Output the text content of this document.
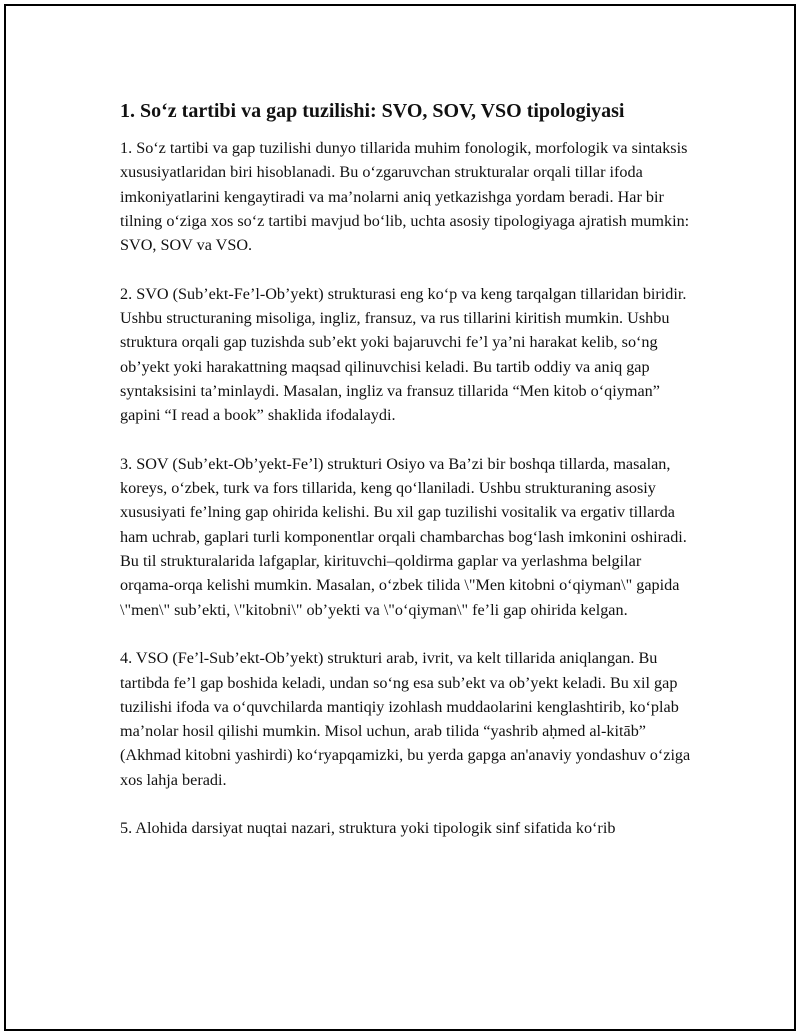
1. So‘z tartibi va gap tuzilishi: SVO, SOV, VSO tipologiyasi

1. So‘z tartibi va gap tuzilishi dunyo tillarida muhim fonologik, morfologik va sintaksis xususiyatlaridan biri hisoblanadi. Bu o‘zgaruvchan strukturalar orqali tillar ifoda imkoniyatlarini kengaytiradi va ma’nolarni aniq yetkazishga yordam beradi. Har bir tilning o‘ziga xos so‘z tartibi mavjud bo‘lib, uchta asosiy tipologiyaga ajratish mumkin: SVO, SOV va VSO.

2. SVO (Sub’ekt-Fe’l-Ob’yekt) strukturasi eng ko‘p va keng tarqalgan tillaridan biridir. Ushbu structuraning misoliga, ingliz, fransuz, va rus tillarini kiritish mumkin. Ushbu struktura orqali gap tuzishda sub’ekt yoki bajaruvchi fe’l ya’ni harakat kelib, so‘ng ob’yekt yoki harakattning maqsad qilinuvchisi keladi. Bu tartib oddiy va aniq gap syntaksisini ta’minlaydi. Masalan, ingliz va fransuz tillarida “Men kitob o‘qiyman” gapini “I read a book” shaklida ifodalaydi.

3. SOV (Sub’ekt-Ob’yekt-Fe’l) strukturi Osiyo va Ba’zi bir boshqa tillarda, masalan, koreys, o‘zbek, turk va fors tillarida, keng qo‘llaniladi. Ushbu strukturaning asosiy xususiyati fe’lning gap ohirida kelishi. Bu xil gap tuzilishi vositalik va ergativ tillarda ham uchrab, gaplari turli komponentlar orqali chambarchas bog‘lash imkonini oshiradi. Bu til strukturalarida lafgaplar, kirituvchi–qoldirma gaplar va yerlashma belgilar orqama-orqa kelishi mumkin. Masalan, o‘zbek tilida \"Men kitobni o‘qiyman\" gapida \"men\" sub’ekti, \"kitobni\" ob’yekti va \"o‘qiyman\" fe’li gap ohirida kelgan.

4. VSO (Fe’l-Sub’ekt-Ob’yekt) strukturi arab, ivrit, va kelt tillarida aniqlangan. Bu tartibda fe’l gap boshida keladi, undan so‘ng esa sub’ekt va ob’yekt keladi. Bu xil gap tuzilishi ifoda va o‘quvchilarda mantiqiy izohlash muddaolarini kenglashtirib, ko‘plab ma’nolar hosil qilishi mumkin. Misol uchun, arab tilida “yashrib aḥmed al-kitāb” (Akhmad kitobni yashirdi) ko‘ryapqamizki, bu yerda gapga an'anaviy yondashuv o‘ziga xos lahja beradi.

5. Alohida darsiyat nuqtai nazari, struktura yoki tipologik sinf sifatida ko‘rib
